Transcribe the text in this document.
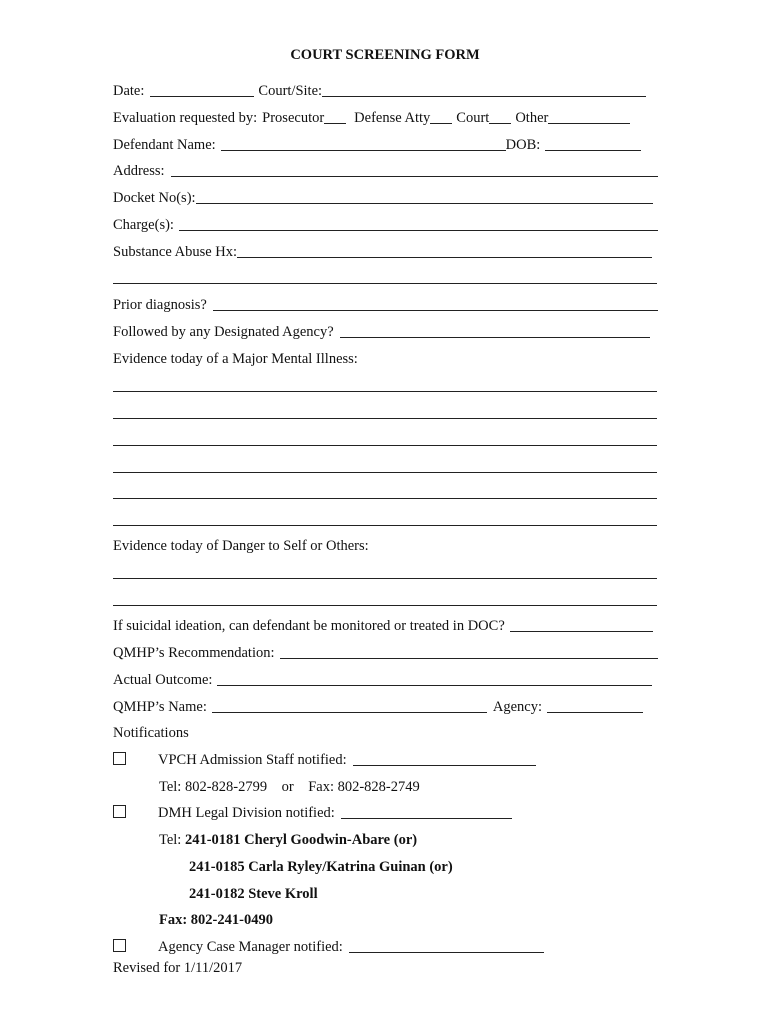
COURT SCREENING FORM
Date:	Court/Site:
Evaluation requested by: Prosecutor Defense Atty Court Other
Defendant Name:	DOB:
Address:
Docket No(s):
Charge(s):
Substance Abuse Hx:
Prior diagnosis?
Followed by any Designated Agency?
Evidence today of a Major Mental Illness:
Evidence today of Danger to Self or Others:
If suicidal ideation, can defendant be monitored or treated in DOC?
QMHP’s Recommendation:
Actual Outcome:
QMHP’s Name:	Agency:
Notifications
VPCH Admission Staff notified:
Tel: 802-828-2799    or    Fax: 802-828-2749
DMH Legal Division notified:
Tel: 241-0181 Cheryl Goodwin-Abare (or)
241-0185 Carla Ryley/Katrina Guinan (or)
241-0182 Steve Kroll
Fax: 802-241-0490
Agency Case Manager notified:
Revised for 1/11/2017
